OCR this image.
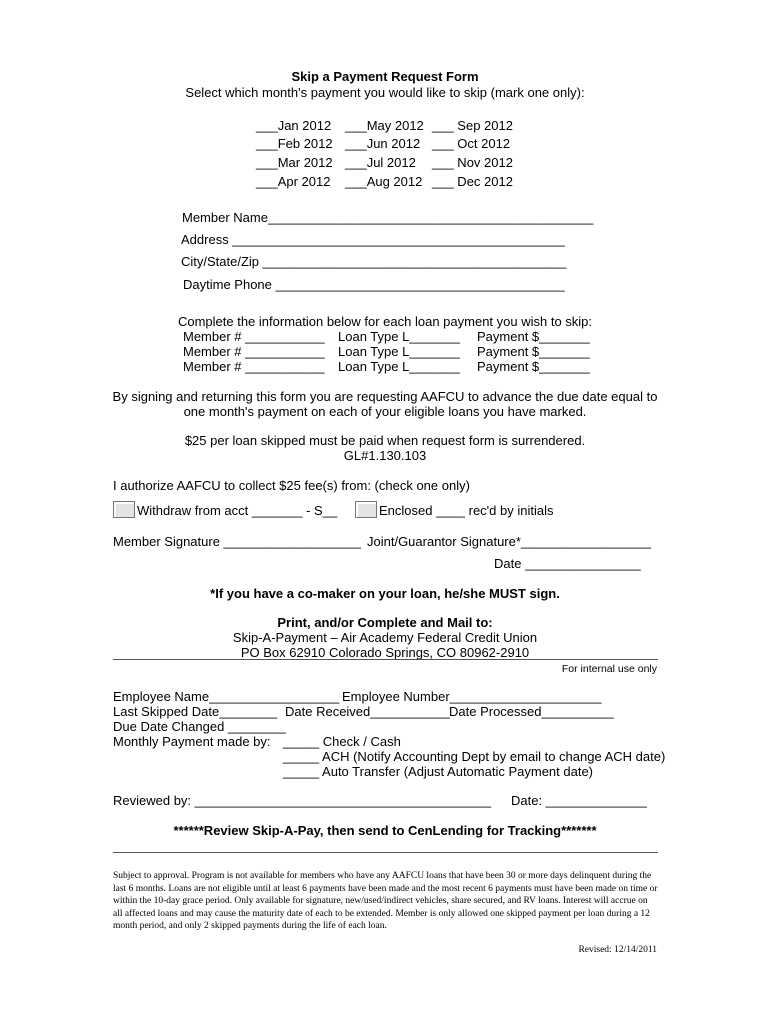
Skip a Payment Request Form
Select which month's payment you would like to skip (mark one only):
___Jan 2012
___Feb 2012
___Mar 2012
___Apr 2012
___May 2012
___Jun 2012
___Jul 2012
___Aug 2012
___ Sep 2012
___ Oct 2012
___ Nov 2012
___ Dec 2012
Member Name_____________________________________________
Address ______________________________________________
City/State/Zip __________________________________________
Daytime Phone ________________________________________
Complete the information below for each loan payment you wish to skip:
Member # ___________ Loan Type L_______ Payment $_______
Member # ___________ Loan Type L_______ Payment $_______
Member # ___________ Loan Type L_______ Payment $_______
By signing and returning this form you are requesting AAFCU to advance the due date equal to
one month's payment on each of your eligible loans you have marked.
$25 per loan skipped must be paid when request form is surrendered.
GL#1.130.103
I authorize AAFCU to collect $25 fee(s) from: (check one only)
Withdraw from acct _______ - S__	Enclosed ____ rec'd by initials
Member Signature ___________________ Joint/Guarantor Signature*__________________
Date ________________
*If you have a co-maker on your loan, he/she MUST sign.
Print, and/or Complete and Mail to:
Skip-A-Payment – Air Academy Federal Credit Union
PO Box 62910 Colorado Springs, CO 80962-2910
For internal use only
Employee Name__________________ Employee Number_____________________
Last Skipped Date________ Date Received___________ Date Processed__________
Due Date Changed ________
Monthly Payment made by: _____ Check / Cash
_____ ACH (Notify Accounting Dept by email to change ACH date)
_____ Auto Transfer (Adjust Automatic Payment date)
Reviewed by: _________________________________________ Date: ______________
******Review Skip-A-Pay, then send to CenLending for Tracking*******
Subject to approval. Program is not available for members who have any AAFCU loans that have been 30 or more days delinquent during the last 6 months. Loans are not eligible until at least 6 payments have been made and the most recent 6 payments must have been made on time or within the 10-day grace period. Only available for signature, new/used/indirect vehicles, share secured, and RV loans. Interest will accrue on all affected loans and may cause the maturity date of each to be extended. Member is only allowed one skipped payment per loan during a 12 month period, and only 2 skipped payments during the life of each loan.
Revised: 12/14/2011
